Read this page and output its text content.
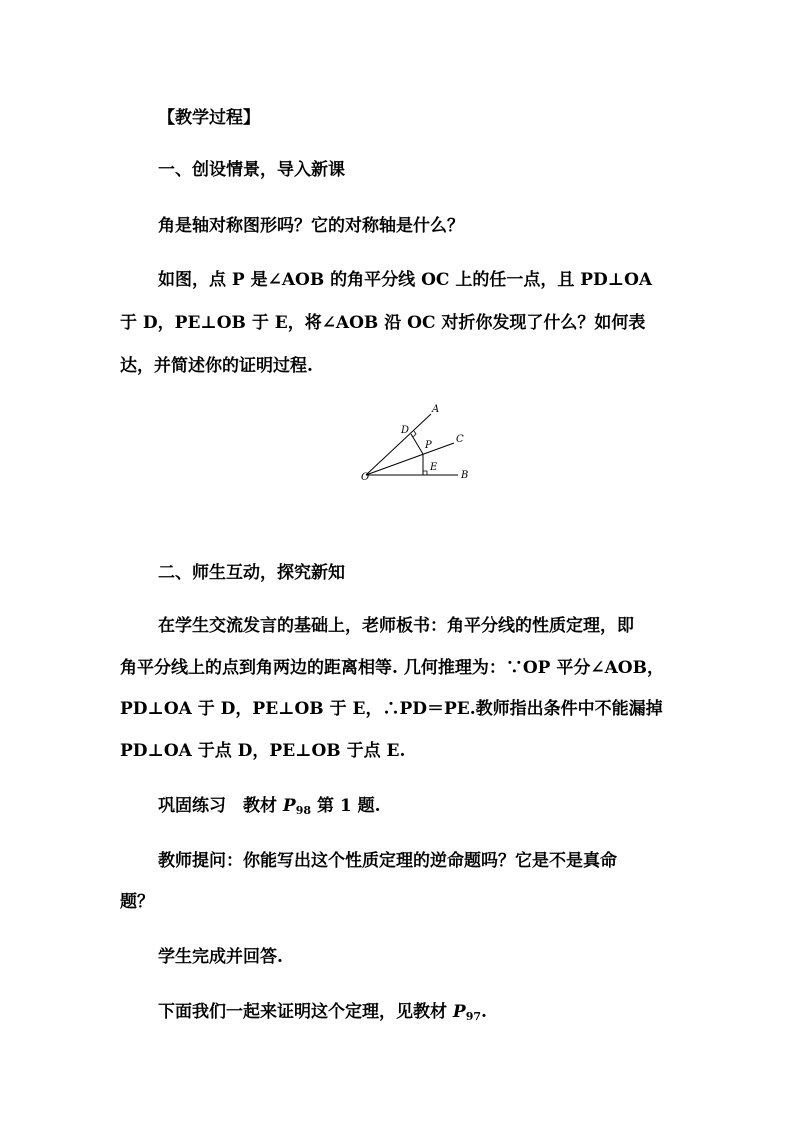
【教学过程】
一、创设情景，导入新课
角是轴对称图形吗？它的对称轴是什么？
如图，点 P 是∠AOB 的角平分线 OC 上的任一点，且 PD⊥OA
于 D，PE⊥OB 于 E，将∠AOB 沿 OC 对折你发现了什么？如何表
达，并简述你的证明过程.
O
A
B
C
D
P
E
二、师生互动，探究新知
在学生交流发言的基础上，老师板书：角平分线的性质定理，即
角平分线上的点到角两边的距离相等. 几何推理为：∵OP 平分∠AOB，
PD⊥OA 于 D，PE⊥OB 于 E，∴PD＝PE.教师指出条件中不能漏掉
PD⊥OA 于点 D，PE⊥OB 于点 E.
巩固练习　教材 $P_{98}$ 第 1 题.
教师提问：你能写出这个性质定理的逆命题吗？它是不是真命
题？
学生完成并回答.
下面我们一起来证明这个定理，见教材 $P_{97}$.
